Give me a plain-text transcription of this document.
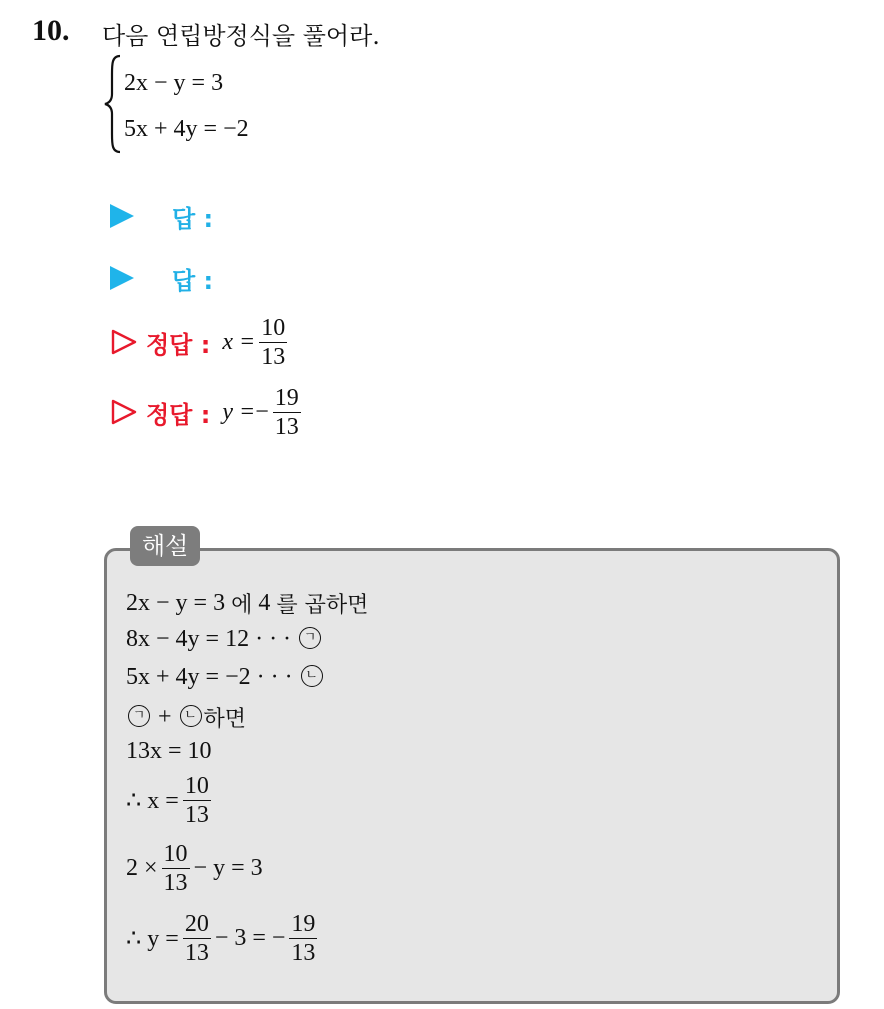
10. 다음 연립방정식을 풀어라.
2x − y = 3
5x + 4y = −2
답 :
답 :
정답 : $x = \frac{10}{13}$
정답 : y = − $\frac{19}{13}$
해설
2x − y = 3
에
4
를 곱하면
8x − 4y = 12 · · ·
ㄱ
5x + 4y = −2 · · ·
ㄴ
ㄱ
+
ㄴ 하면
13x = 10
∴ $x = \frac{10}{13}$
$2 \times \frac{10}{13} - y = 3$
∴ $y = \frac{20}{13} - 3$ = − $\frac{19}{13}$
